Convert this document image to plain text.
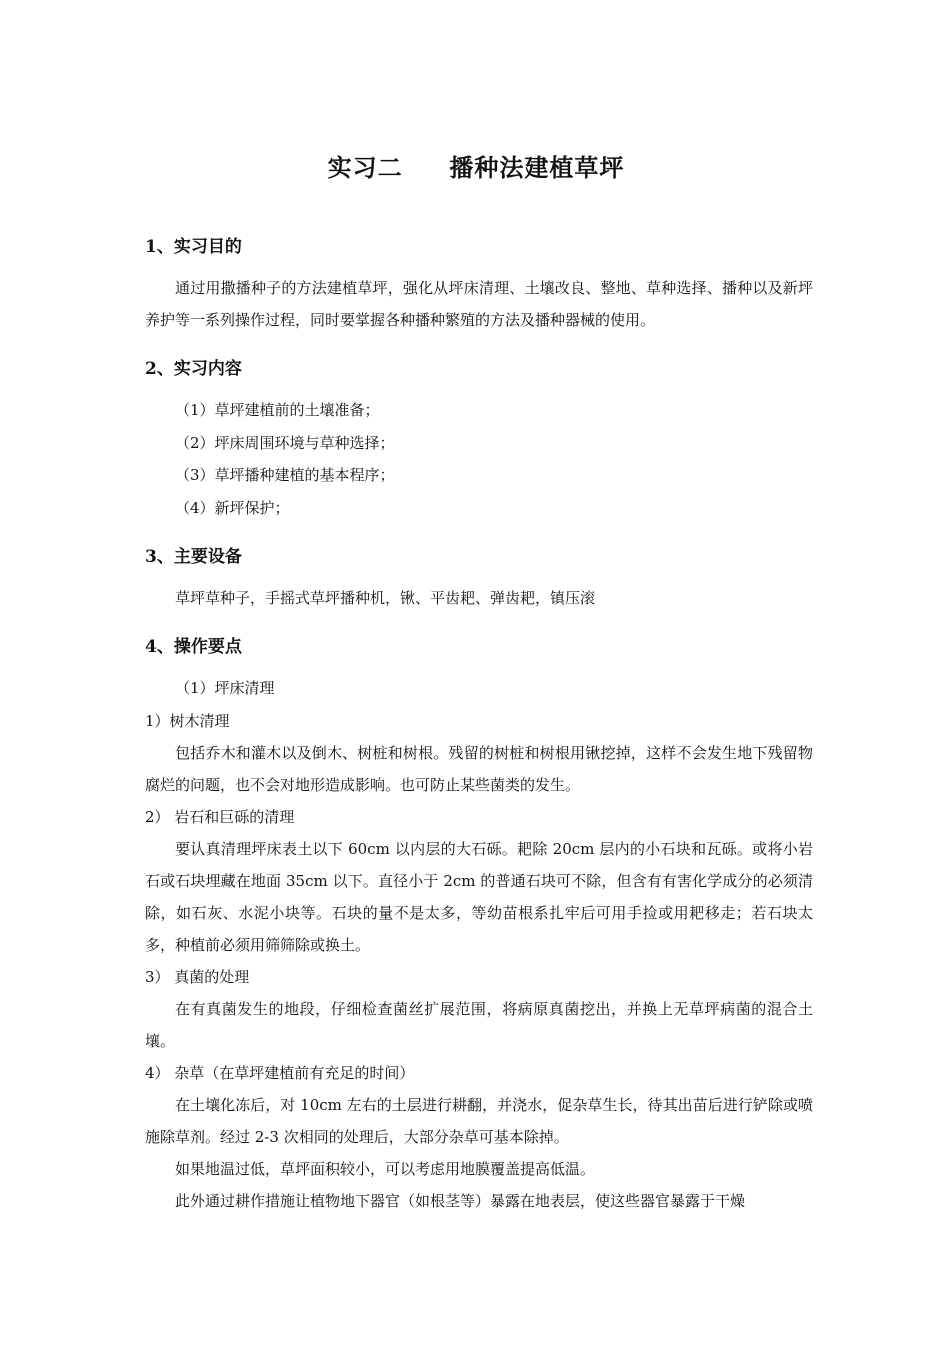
实习二     播种法建植草坪
1、实习目的

通过用撒播种子的方法建植草坪，强化从坪床清理、土壤改良、整地、草种选择、播种以及新坪养护等一系列操作过程，同时要掌握各种播种繁殖的方法及播种器械的使用。

2、实习内容

（1）草坪建植前的土壤准备；

（2）坪床周围环境与草种选择；

（3）草坪播种建植的基本程序；

（4）新坪保护；

3、主要设备

草坪草种子，手摇式草坪播种机，锹、平齿耙、弹齿耙，镇压滚

4、操作要点

（1）坪床清理

1）树木清理

包括乔木和灌木以及倒木、树桩和树根。残留的树桩和树根用锹挖掉，这样不会发生地下残留物腐烂的问题，也不会对地形造成影响。也可防止某些菌类的发生。

2） 岩石和巨砾的清理

要认真清理坪床表土以下 60cm 以内层的大石砾。耙除 20cm 层内的小石块和瓦砾。或将小岩石或石块埋藏在地面 35cm 以下。直径小于 2cm 的普通石块可不除，但含有有害化学成分的必须清除，如石灰、水泥小块等。石块的量不是太多，等幼苗根系扎牢后可用手捡或用耙移走；若石块太多，种植前必须用筛筛除或换土。

3） 真菌的处理

在有真菌发生的地段，仔细检查菌丝扩展范围，将病原真菌挖出，并换上无草坪病菌的混合土壤。

4） 杂草（在草坪建植前有充足的时间）

在土壤化冻后，对 10cm 左右的土层进行耕翻，并浇水，促杂草生长，待其出苗后进行铲除或喷施除草剂。经过 2-3 次相同的处理后，大部分杂草可基本除掉。

如果地温过低，草坪面积较小，可以考虑用地膜覆盖提高低温。

此外通过耕作措施让植物地下器官（如根茎等）暴露在地表层，使这些器官暴露于干燥
